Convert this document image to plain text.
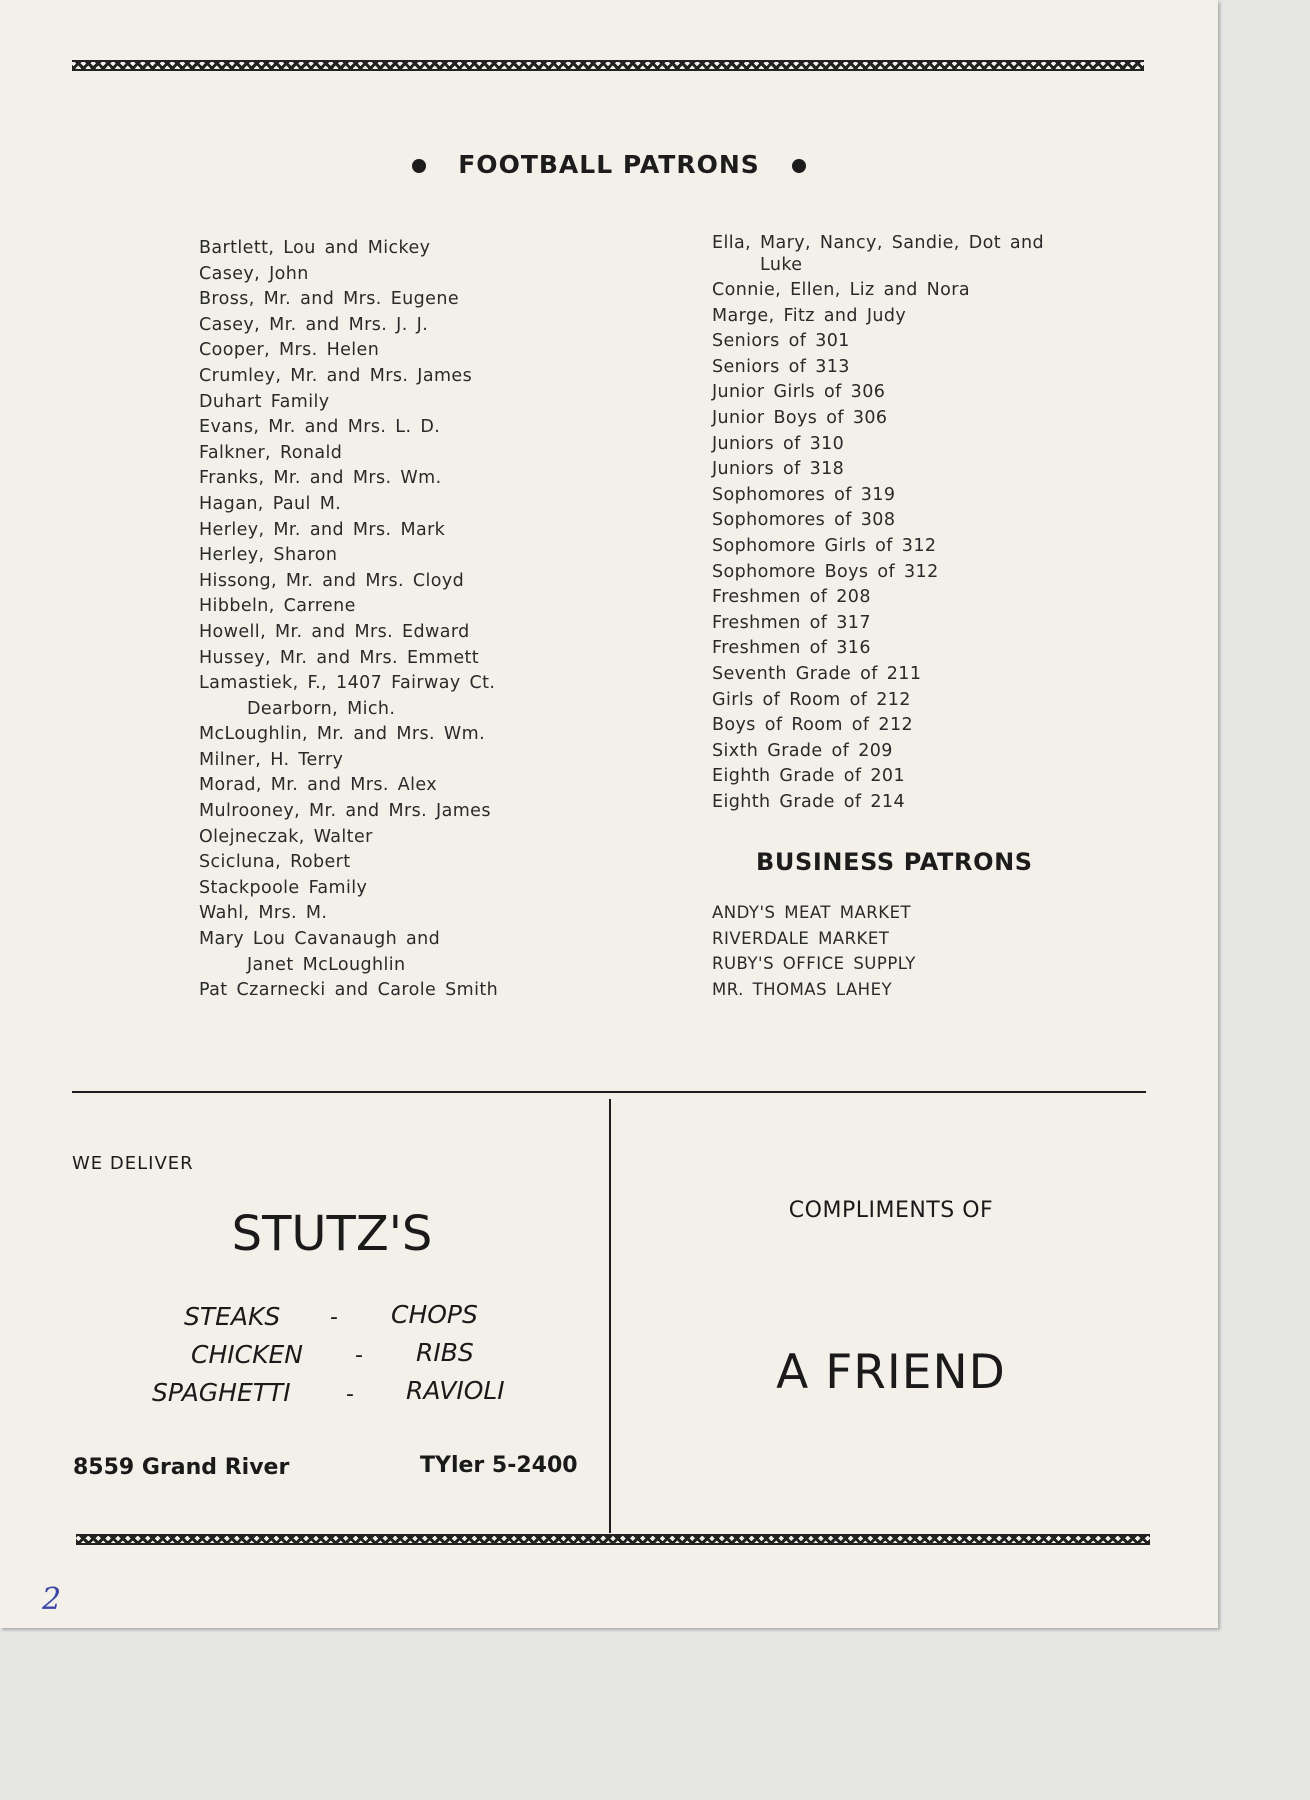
FOOTBALL PATRONS
Bartlett, Lou and Mickey
Casey, John
Bross, Mr. and Mrs. Eugene
Casey, Mr. and Mrs. J. J.
Cooper, Mrs. Helen
Crumley, Mr. and Mrs. James
Duhart Family
Evans, Mr. and Mrs. L. D.
Falkner, Ronald
Franks, Mr. and Mrs. Wm.
Hagan, Paul M.
Herley, Mr. and Mrs. Mark
Herley, Sharon
Hissong, Mr. and Mrs. Cloyd
Hibbeln, Carrene
Howell, Mr. and Mrs. Edward
Hussey, Mr. and Mrs. Emmett
Lamastiek, F., 1407 Fairway Ct.
Dearborn, Mich.
McLoughlin, Mr. and Mrs. Wm.
Milner, H. Terry
Morad, Mr. and Mrs. Alex
Mulrooney, Mr. and Mrs. James
Olejneczak, Walter
Scicluna, Robert
Stackpoole Family
Wahl, Mrs. M.
Mary Lou Cavanaugh and
Janet McLoughlin
Pat Czarnecki and Carole Smith
Ella, Mary, Nancy, Sandie, Dot and
Luke
Connie, Ellen, Liz and Nora
Marge, Fitz and Judy
Seniors of 301
Seniors of 313
Junior Girls of 306
Junior Boys of 306
Juniors of 310
Juniors of 318
Sophomores of 319
Sophomores of 308
Sophomore Girls of 312
Sophomore Boys of 312
Freshmen of 208
Freshmen of 317
Freshmen of 316
Seventh Grade of 211
Girls of Room of 212
Boys of Room of 212
Sixth Grade of 209
Eighth Grade of 201
Eighth Grade of 214
BUSINESS PATRONS
ANDY'S MEAT MARKET
RIVERDALE MARKET
RUBY'S OFFICE SUPPLY
MR. THOMAS LAHEY
WE DELIVER
STUTZ'S
STEAKS - CHOPS
CHICKEN - RIBS
SPAGHETTI	- RAVIOLI
8559 Grand River	TYler 5-2400
COMPLIMENTS OF
A FRIEND
2
